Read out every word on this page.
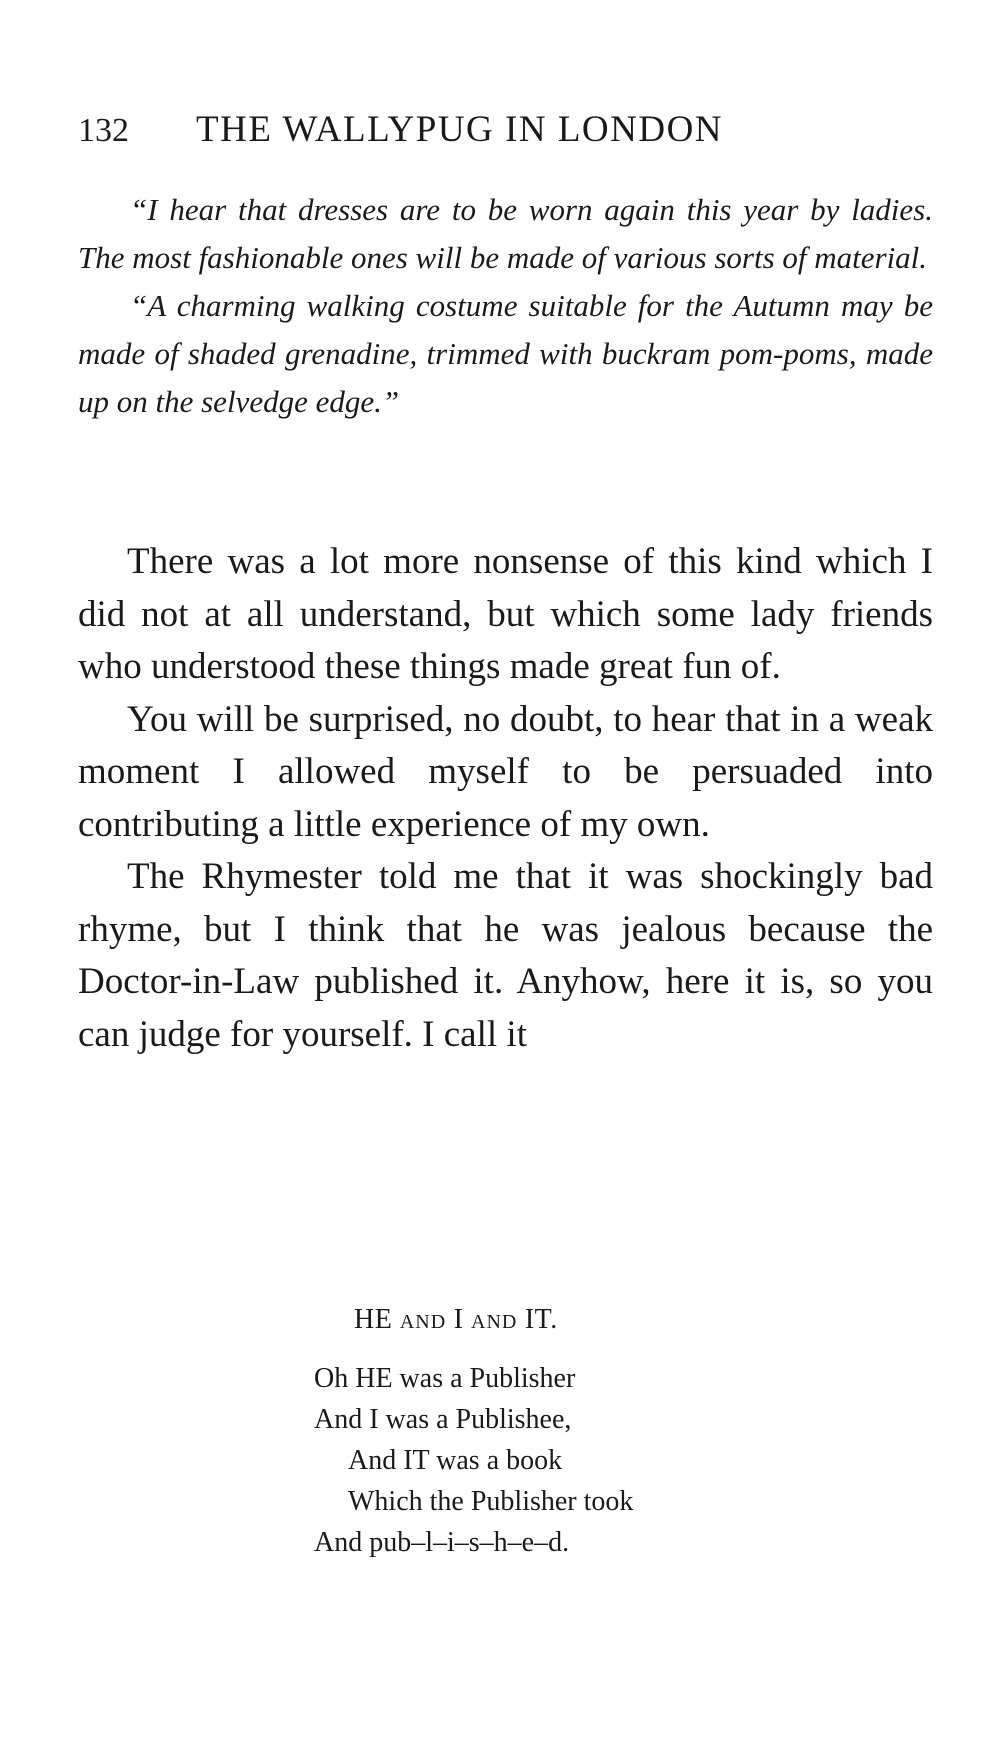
132 THE WALLYPUG IN LONDON

“I hear that dresses are to be worn again this year by ladies. The most fashionable ones will be made of various sorts of material.

“A charming walking costume suitable for the Autumn may be made of shaded grenadine, trimmed with buckram pom-poms, made up on the selvedge edge.”

There was a lot more nonsense of this kind which I did not at all understand, but which some lady friends who understood these things made great fun of.

You will be surprised, no doubt, to hear that in a weak moment I allowed myself to be persuaded into contributing a little experience of my own.

The Rhymester told me that it was shockingly bad rhyme, but I think that he was jealous because the Doctor-in-Law published it. Anyhow, here it is, so you can judge for yourself. I call it

HE AND I AND IT.
Oh HE was a Publisher
And I was a Publishee,
And IT was a book
Which the Publisher took
And pub–l–i–s–h–e–d.
